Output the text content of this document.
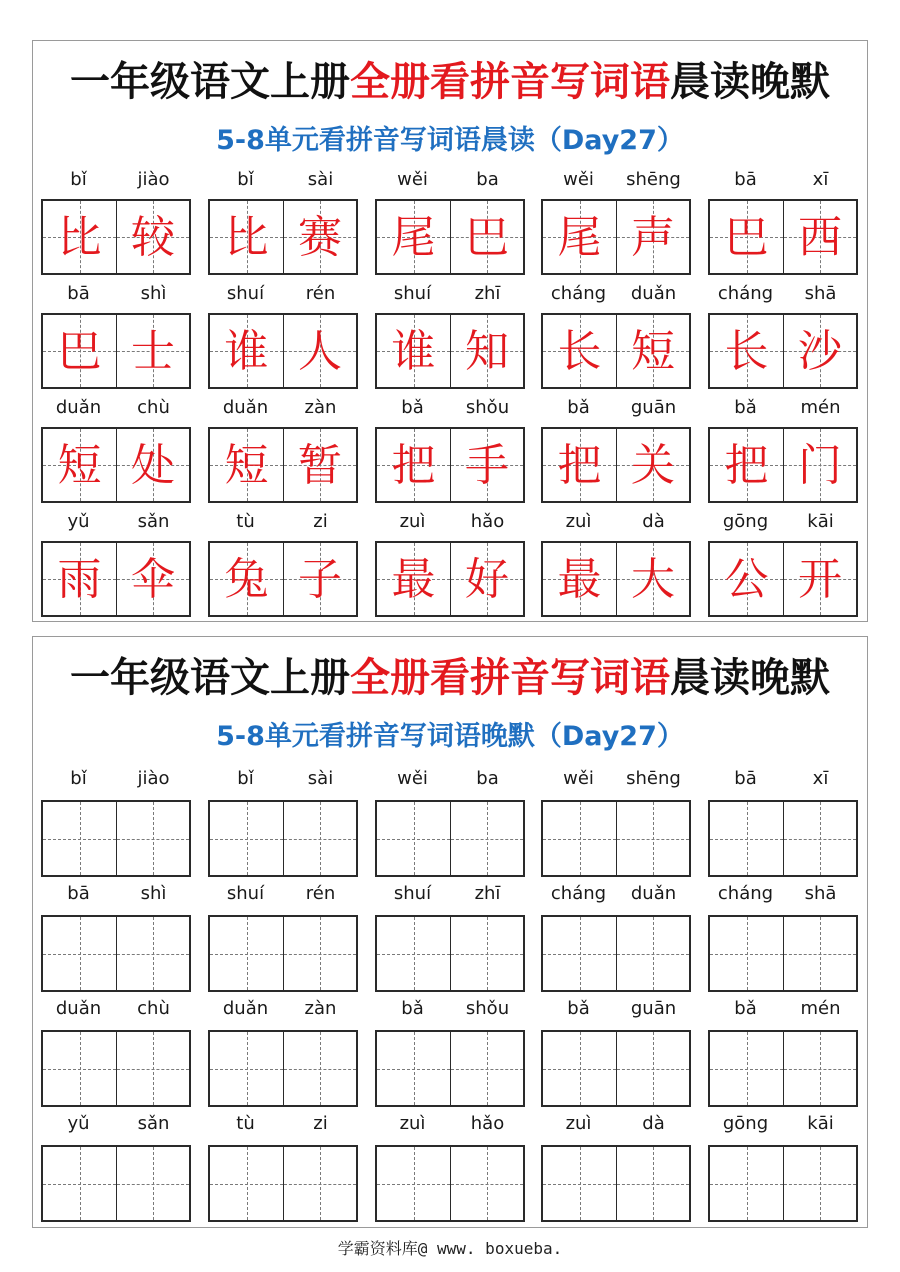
一年级语文上册全册看拼音写词语晨读晚默
5-8单元看拼音写词语晨读（Day27）
bǐ	jiào
比 较
bǐ	sài
比 赛
wěi	ba
尾 巴
wěi	shēng
尾 声
bā	xī
巴 西
bā	shì
巴 士
shuí	rén
谁 人
shuí	zhī
谁 知
cháng	duǎn
长 短
cháng	shā
长 沙
duǎn	chù
短 处
duǎn	zàn
短 暂
bǎ	shǒu
把 手
bǎ	guān
把 关
bǎ	mén
把 门
yǔ	sǎn
雨 伞
tù	zi
兔 子
zuì	hǎo
最 好
zuì	dà
最 大
gōng	kāi
公 开
一年级语文上册全册看拼音写词语晨读晚默
5-8单元看拼音写词语晚默（Day27）
bǐ	jiào	bǐ	sài	wěi	ba	wěi	shēng	bā	xī
bā	shì	shuí	rén	shuí	zhī	cháng	duǎn	cháng	shā
duǎn	chù	duǎn	zàn	bǎ	shǒu	bǎ	guān	bǎ	mén
yǔ	sǎn	tù	zi	zuì	hǎo	zuì	dà	gōng	kāi
学霸资料库@ www. boxueba.
